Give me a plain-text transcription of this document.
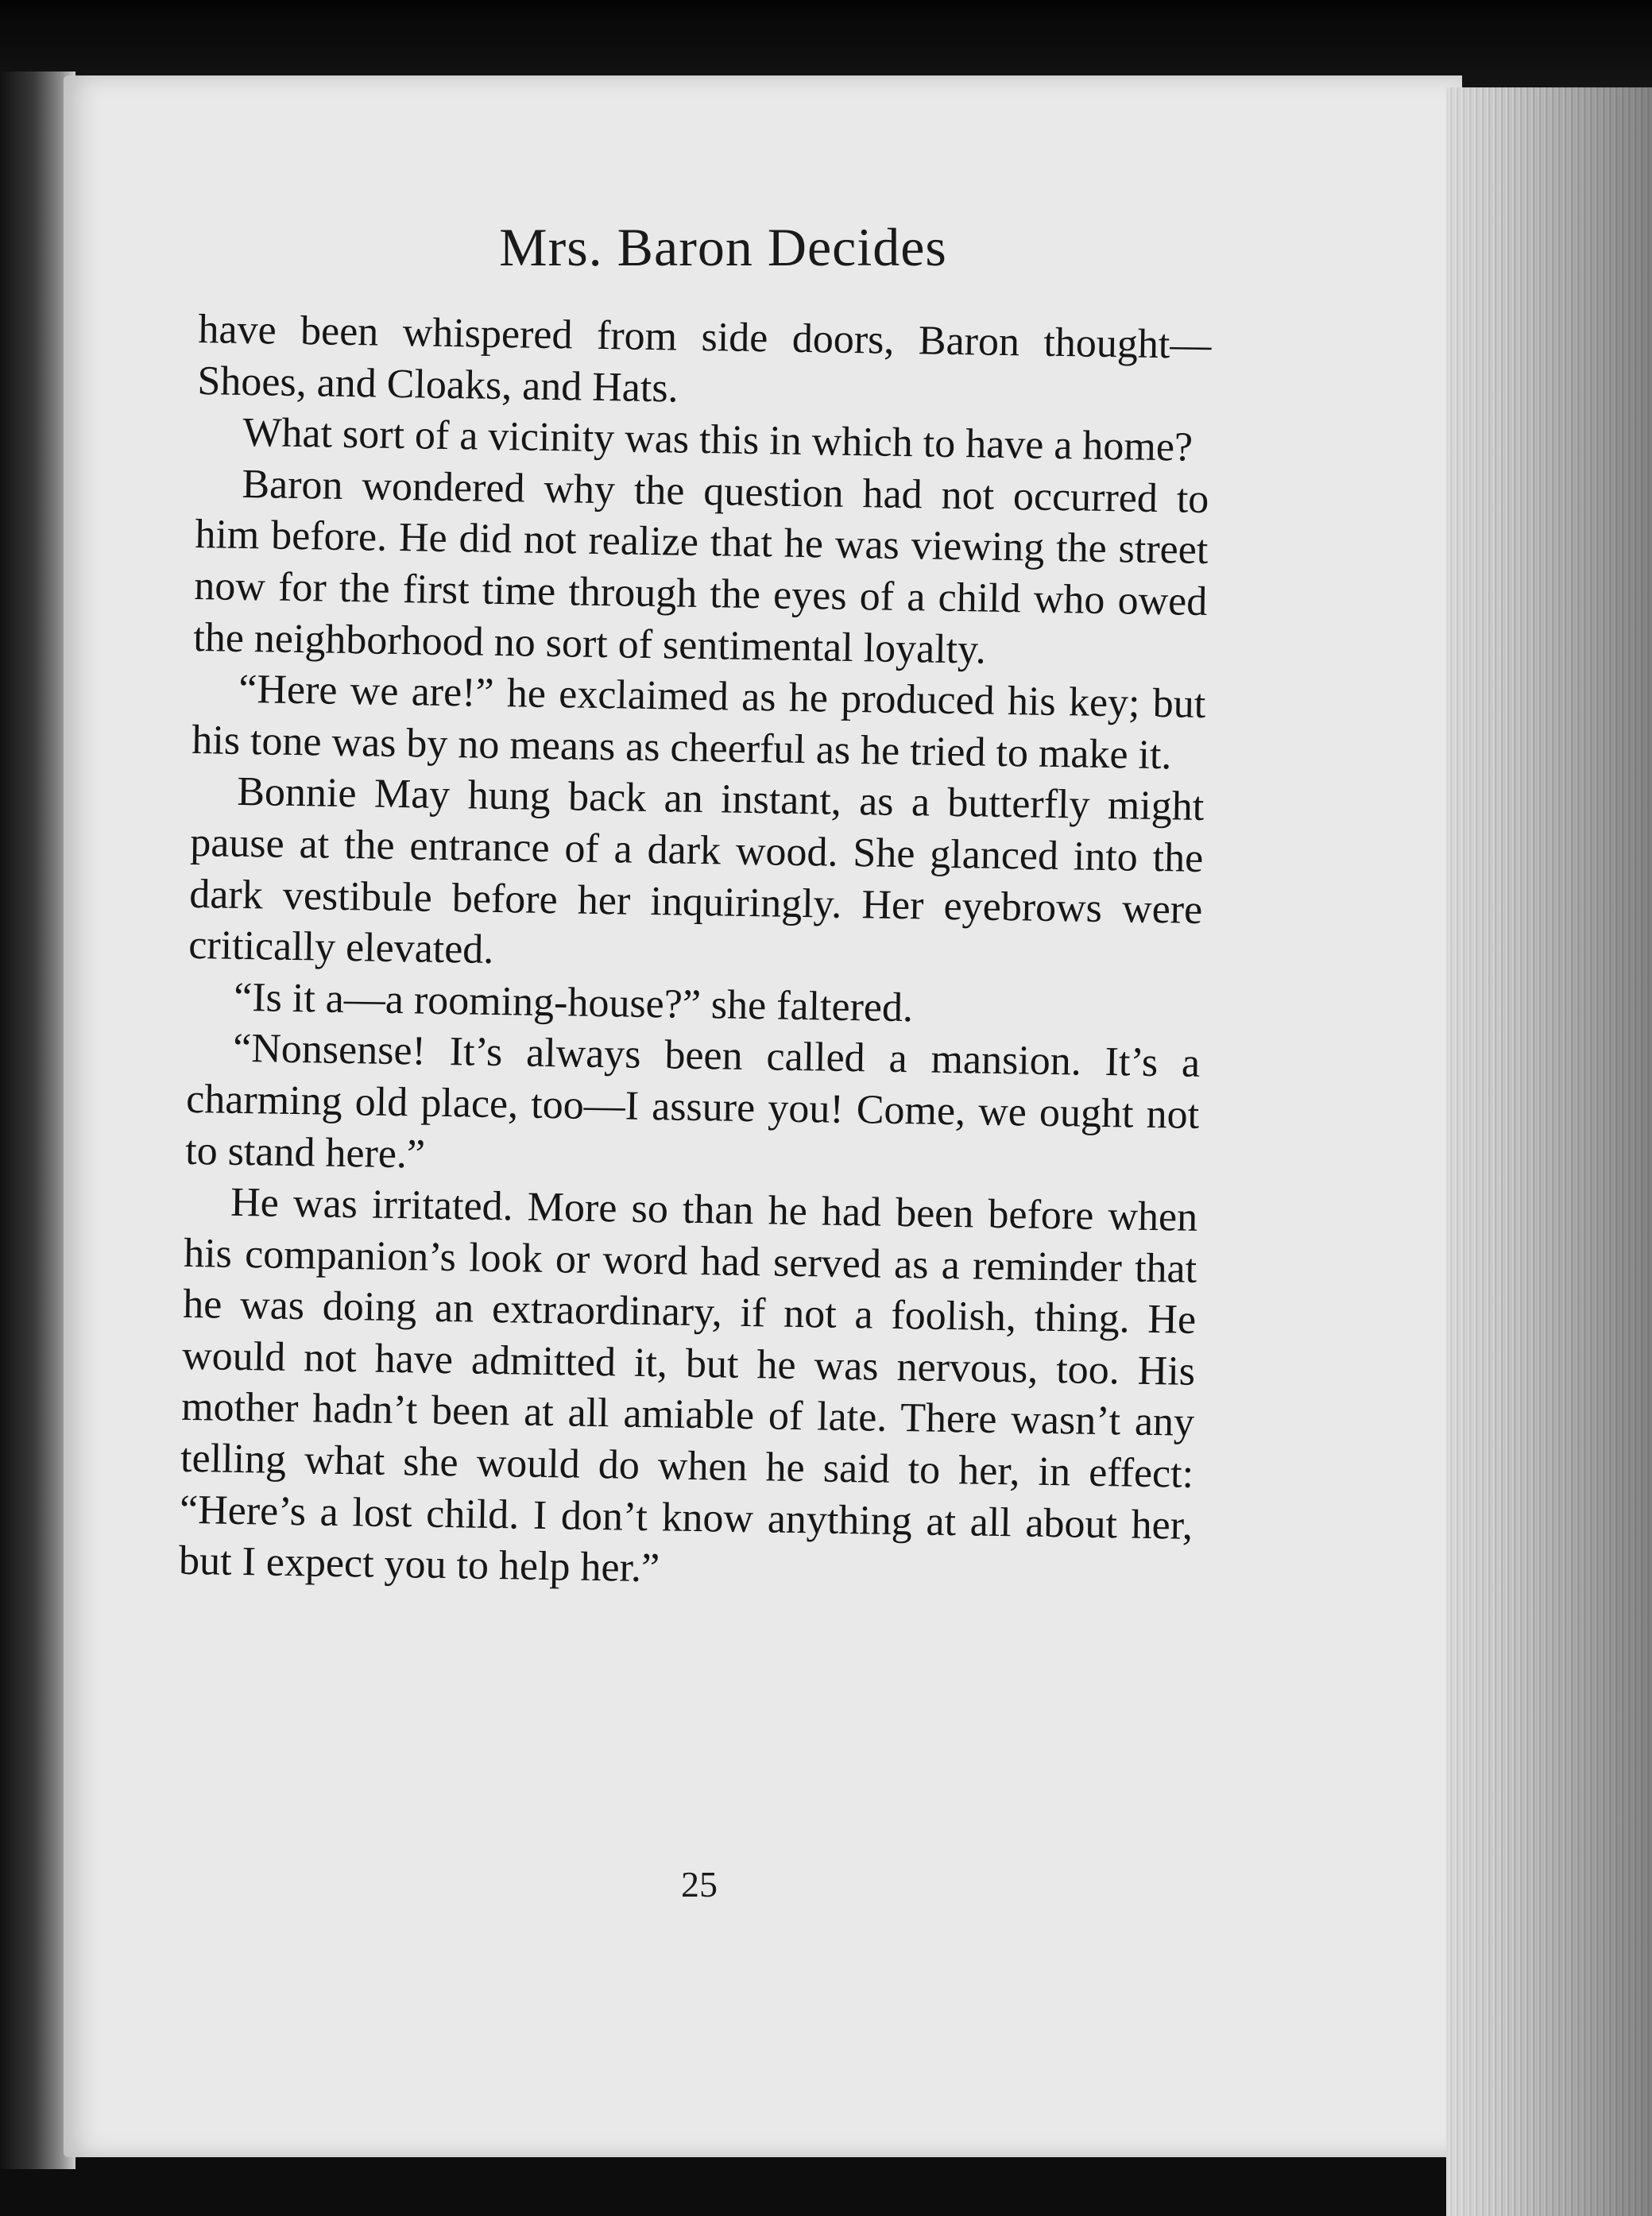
Mrs. Baron Decides

have been whispered from side doors, Baron thought—Shoes, and Cloaks, and Hats.

What sort of a vicinity was this in which to have a home?

Baron wondered why the question had not occurred to him before. He did not realize that he was viewing the street now for the first time through the eyes of a child who owed the neighborhood no sort of sentimental loyalty.

“Here we are!” he exclaimed as he produced his key; but his tone was by no means as cheerful as he tried to make it.

Bonnie May hung back an instant, as a butterfly might pause at the entrance of a dark wood. She glanced into the dark vestibule before her inquiringly. Her eyebrows were critically elevated.

“Is it a—a rooming-house?” she faltered.

“Nonsense! It’s always been called a mansion. It’s a charming old place, too—I assure you! Come, we ought not to stand here.”

He was irritated. More so than he had been before when his companion’s look or word had served as a reminder that he was doing an extraordinary, if not a foolish, thing. He would not have admitted it, but he was nervous, too. His mother hadn’t been at all amiable of late. There wasn’t any telling what she would do when he said to her, in effect: “Here’s a lost child. I don’t know anything at all about her, but I expect you to help her.”

25
